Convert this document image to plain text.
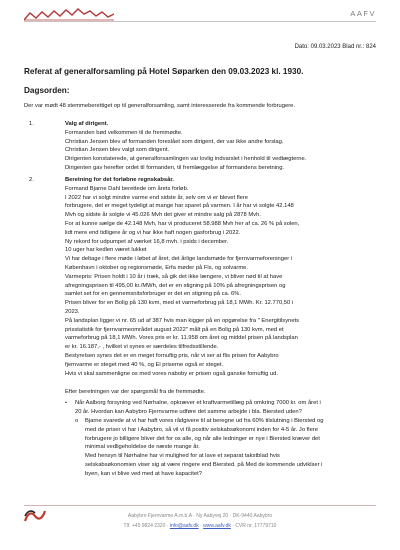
AAFV
Dato: 09.03.2023 Blad nr.: 824
Referat af generalforsamling på Hotel Søparken den 09.03.2023 kl. 1930.
Dagsorden:
Der var mødt 48 stemmeberettiget op til generalforsamling, samt interesserede fra kommende forbrugere.
1.	Valg af dirigent.
Formanden bød velkommen til de fremmødte.
Christian Jensen blev af formanden foreslået som dirigent, der var ikke andre forslag.
Christian Jensen blev valgt som dirigent.
Dirigenten konstaterede, at generalforsamlingen var lovlig indvarslet i henhold til vedtægterne.
Dirigenten gav herefter ordet til formanden, til fremlæggelse af formandens beretning.
2.	Beretning for det forløbne regnskabsår.
Formand Bjarne Dahl berettede om årets forløb.
I 2022 har vi solgt mindre varme end sidste år, selv om vi er blevet flere
forbrugere, det er meget tydeligt at mange har sparet på varmen. I år har vi solgte 42.148
Mvh og sidste år solgte vi 45.026 Mvh det giver et mindre salg på 2878 Mvh.
For at kunne sælge de 42.148 Mvh, har vi produceret 58.988 Mvh her af ca. 26 % på solen,
lidt mere end tidligere år og vi har ikke haft nogen gasforbrug i 2022.
Ny rekord for udpumpet af værket 16,8 mvh. i psids i december.
10 uger har kedlen været lukket
Vi har deltage i flere møde i løbet af året, det årlige landsmøde for fjernvarmeforeninger i
København i oktober og regionsmøde, Erfa møder på Fls, og solvarme.
Varmepris: Prisen holdt i 10 år i træk, så gik det ikke længere, vi bliver nød til at have
afregningsprisen til 495,00 kr./MWh, det er en stigning på 10% på afregningsprisen og
samlet set for en gennemsnitsforbruger er det en stigning på ca. 6%.
Prisen bliver for en Bolig på 130 kvm, med et varmeforbrug på 18,1 MWh. Kr. 12.770,50 i
2023.
På landsplan ligger vi nr. 65 ud af 387 hvis man kigger på en opgørelse fra " Energitilsynets
prisstatistik for fjernvarmeområdet august 2022" målt på en Bolig på 130 kvm, med et
varmeforbrug på 18,1 MWh. Vores pris er kr. 11.958 om året og middel prisen på landsplan
er kr. 16.187,- , hvilket vi synes er særdeles tilfredsstillende.
Bestyrelsen synes det er en meget fornuftig pris, når vi ser at flis prisen for Aabybro
fjernvarme er steget med 40 %, og El priserne også er steget.
Hvis vi skal sammenligne os med vores naboby er prisen også ganske fornuftig ud.
Efter beretningen var der spørgsmål fra de fremmødte.
• Når Aalborg forsyning ved Nørhalne, opkræver et kraftvarmetillæg på omkring 7000 kr. om året i
20 år. Hvordan kan Aabybro Fjernvarme udføre det samme arbejde i bla. Biersted uden?
o Bjarne svarede at vi har haft vores rådgivere til at beregne ud fra 60% tilslutning i Biersted og
med de priser vi har i Aabybro, så vil vi få positiv selskabsøkonomi inden for 4-5 år. Jo flere
forbrugere jo billigere bliver det for os alle, og når alle ledninger er nye i Biersted kræver det
minimal vedligeholdelse de næste mange år.
Med hensyn til Nørhalne har vi mulighed for at lave et separat takstblad hvis
selskabsøkonomien viser sig at være ringere end Biersted. på Med de kommende udviklser i
byen, kan vi blive ved med at have kapacitet?
Aabybro Fjernvarme A.m.b.A · Ny Aabyvej 20 · DK-9440 Aabybro
Tlf. +45 9824 2320 · info@aafv.dk · www.aafv.dk · CVR nr. 17779710
